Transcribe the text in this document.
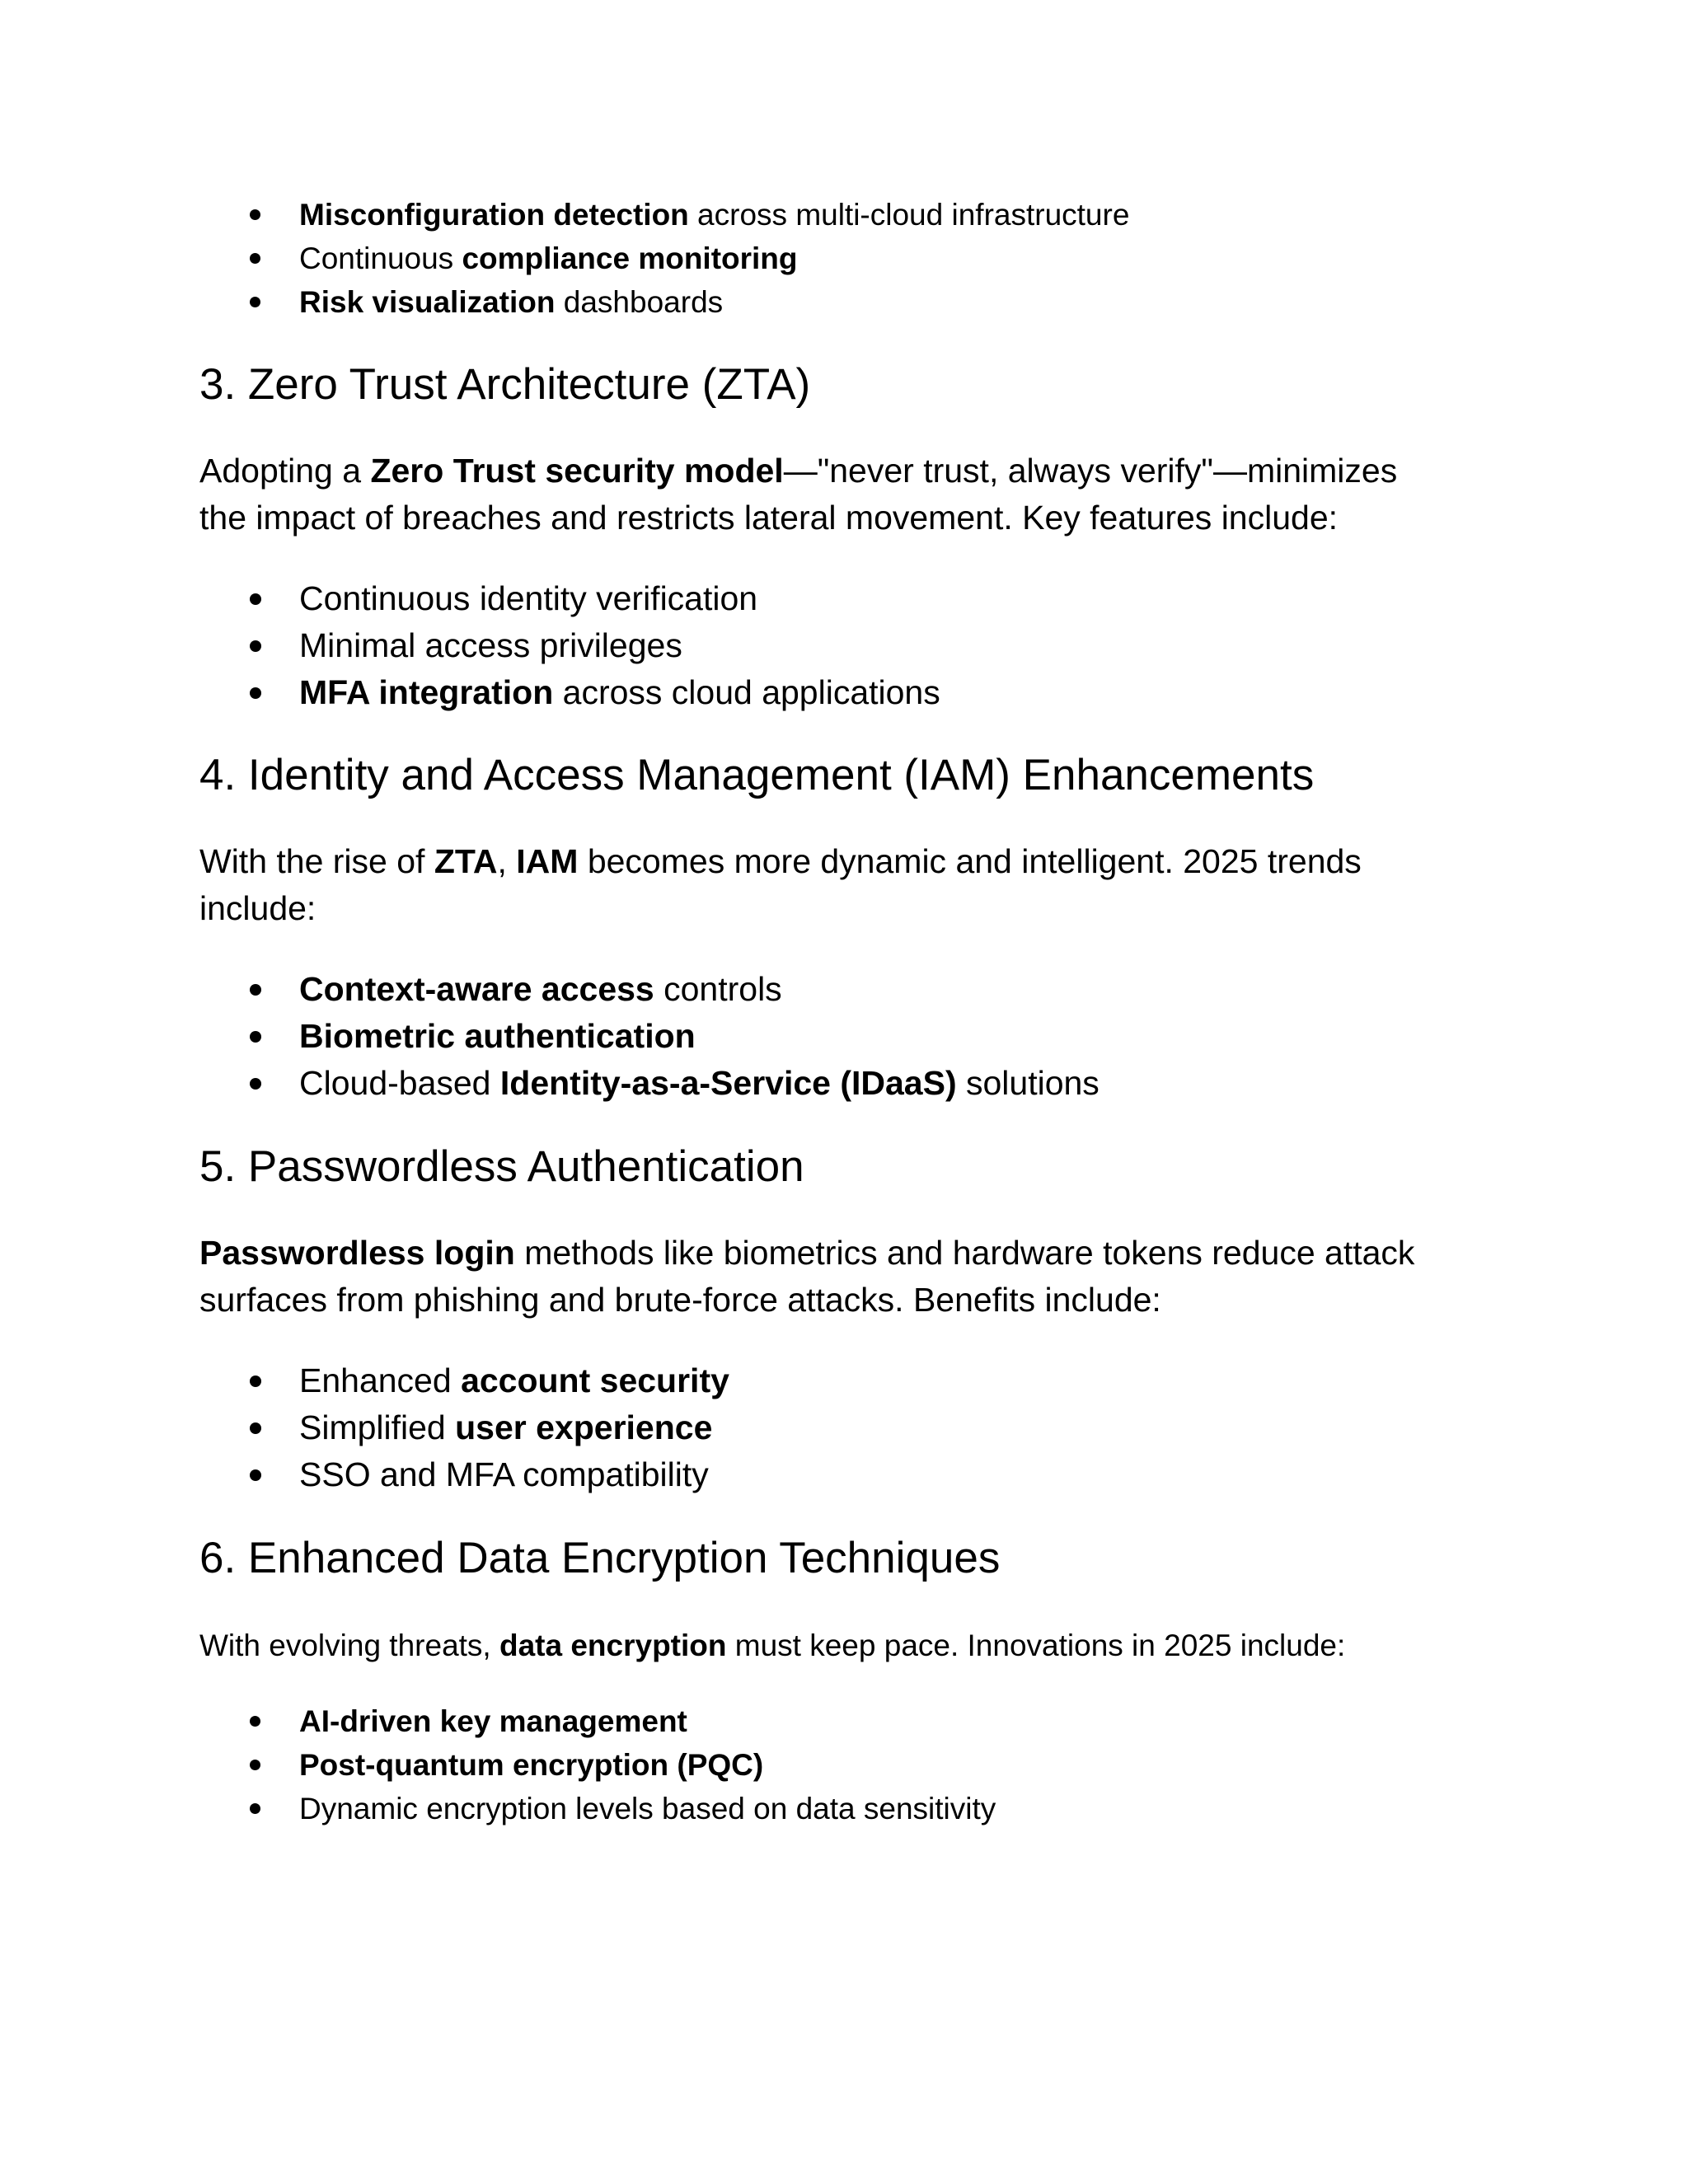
Misconfiguration detection across multi-cloud infrastructure
Continuous compliance monitoring
Risk visualization dashboards
3. Zero Trust Architecture (ZTA)

Adopting a Zero Trust security model—"never trust, always verify"—minimizes
the impact of breaches and restricts lateral movement. Key features include:

Continuous identity verification
Minimal access privileges
MFA integration across cloud applications
4. Identity and Access Management (IAM) Enhancements

With the rise of ZTA, IAM becomes more dynamic and intelligent. 2025 trends
include:

Context-aware access controls
Biometric authentication
Cloud-based Identity-as-a-Service (IDaaS) solutions
5. Passwordless Authentication

Passwordless login methods like biometrics and hardware tokens reduce attack
surfaces from phishing and brute-force attacks. Benefits include:

Enhanced account security
Simplified user experience
SSO and MFA compatibility
6. Enhanced Data Encryption Techniques

With evolving threats, data encryption must keep pace. Innovations in 2025 include:

AI-driven key management
Post-quantum encryption (PQC)
Dynamic encryption levels based on data sensitivity
